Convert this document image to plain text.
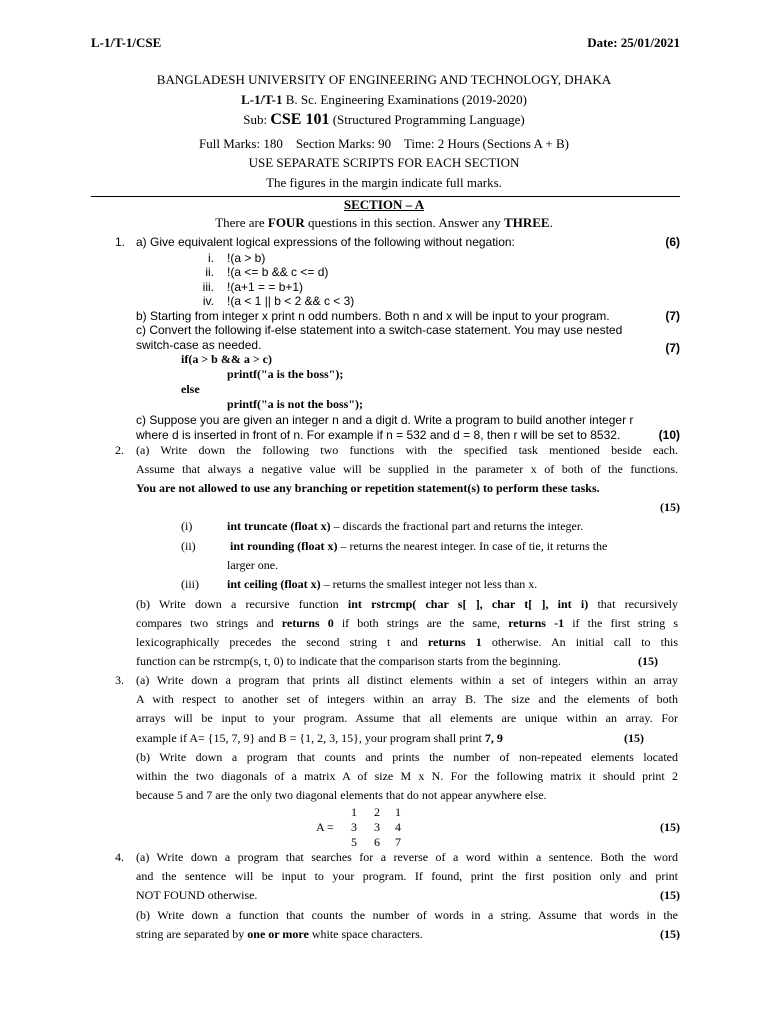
L-1/T-1/CSE	Date: 25/01/2021
BANGLADESH UNIVERSITY OF ENGINEERING AND TECHNOLOGY, DHAKA
L-1/T-1 B. Sc. Engineering Examinations (2019-2020)
Sub: CSE 101 (Structured Programming Language)
Full Marks: 180    Section Marks: 90    Time: 2 Hours (Sections A + B)
USE SEPARATE SCRIPTS FOR EACH SECTION
The figures in the margin indicate full marks.
SECTION – A
There are FOUR questions in this section. Answer any THREE.
1. a) Give equivalent logical expressions of the following without negation:	(6)
i. !(a > b)
ii. !(a <= b && c <= d)
iii. !(a+1 = = b+1)
iv. !(a < 1 || b < 2 && c < 3)
b) Starting from integer x print n odd numbers. Both n and x will be input to your program.	(7)
c) Convert the following if-else statement into a switch-case statement. You may use nested
switch-case as needed.	(7)
if(a > b && a > c)
printf("a is the boss");
else
printf("a is not the boss");
c) Suppose you are given an integer n and a digit d. Write a program to build another integer r
where d is inserted in front of n. For example if n = 532 and d = 8, then r will be set to 8532.	(10)
2. (a) Write down the following two functions with the specified task mentioned beside each.
Assume that always a negative value will be supplied in the parameter x of both of the functions.
You are not allowed to use any branching or repetition statement(s) to perform these tasks.
(15)
(i)	int truncate (float x) – discards the fractional part and returns the integer.
(ii)	int rounding (float x) – returns the nearest integer. In case of tie, it returns the
larger one.
(iii) int ceiling (float x) – returns the smallest integer not less than x.
(b) Write down a recursive function int rstrcmp( char s[ ], char t[ ], int i) that recursively
compares two strings and returns 0 if both strings are the same, returns -1 if the first string s
lexicographically precedes the second string t and returns 1 otherwise. An initial call to this
function can be rstrcmp(s, t, 0) to indicate that the comparison starts from the beginning.	(15)
3. (a) Write down a program that prints all distinct elements within a set of integers within an array
A with respect to another set of integers within an array B. The size and the elements of both
arrays will be input to your program. Assume that all elements are unique within an array. For
example if A= {15, 7, 9} and B = {1, 2, 3, 15}, your program shall print 7, 9	(15)
(b) Write down a program that counts and prints the number of non-repeated elements located
within the two diagonals of a matrix A of size M x N. For the following matrix it should print 2
because 5 and 7 are the only two diagonal elements that do not appear anywhere else.
A =
1	2	1
3	3	4
5	6	7
(15)
4. (a) Write down a program that searches for a reverse of a word within a sentence. Both the word
and the sentence will be input to your program. If found, print the first position only and print
NOT FOUND otherwise.	(15)
(b) Write down a function that counts the number of words in a string. Assume that words in the
string are separated by one or more white space characters.	(15)
